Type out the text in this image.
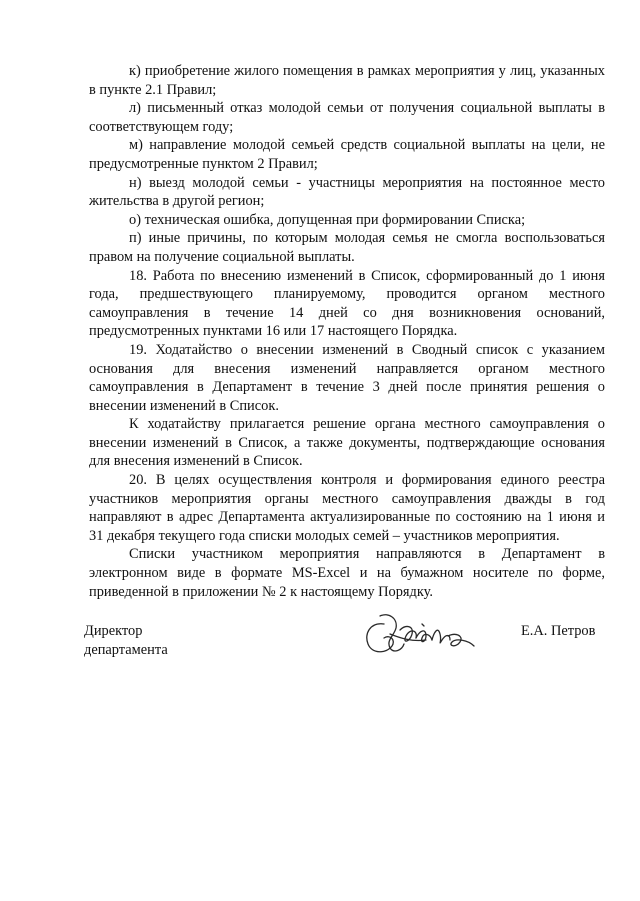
к) приобретение жилого помещения в рамках мероприятия у лиц, указанных в пункте 2.1 Правил;

л) письменный отказ молодой семьи от получения социальной выплаты в соответствующем году;

м) направление молодой семьей средств социальной выплаты на цели, не предусмотренные пунктом 2 Правил;

н) выезд молодой семьи - участницы мероприятия на постоянное место жительства в другой регион;

о) техническая ошибка, допущенная при формировании Списка;

п) иные причины, по которым молодая семья не смогла воспользоваться правом на получение социальной выплаты.

18. Работа по внесению изменений в Список, сформированный до 1 июня года, предшествующего планируемому, проводится органом местного самоуправления в течение 14 дней со дня возникновения оснований, предусмотренных пунктами 16 или 17 настоящего Порядка.

19. Ходатайство о внесении изменений в Сводный список с указанием основания для внесения изменений направляется органом местного самоуправления в Департамент в течение 3 дней после принятия решения о внесении изменений в Список.

К ходатайству прилагается решение органа местного самоуправления о внесении изменений в Список, а также документы, подтверждающие основания для внесения изменений в Список.

20. В целях осуществления контроля и формирования единого реестра участников мероприятия органы местного самоуправления дважды в год направляют в адрес Департамента актуализированные по состоянию на 1 июня и 31 декабря текущего года списки молодых семей – участников мероприятия.

Списки участником мероприятия направляются в Департамент в электронном виде в формате MS-Excel и на бумажном носителе по форме, приведенной в приложении № 2 к настоящему Порядку.

Директор
департамента
Е.А. Петров
